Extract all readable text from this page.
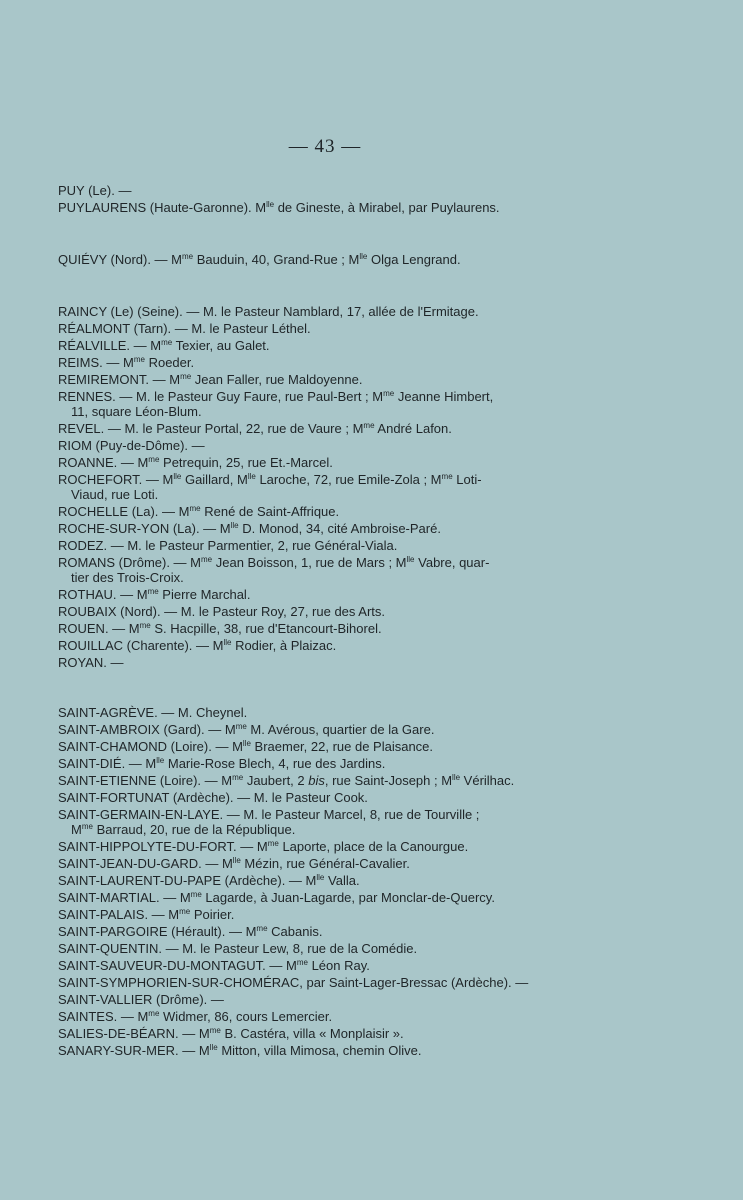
— 43 —
PUY (Le). —
PUYLAURENS (Haute-Garonne). $M^{lle}$ de Gineste, à Mirabel, par Puylaurens.
QUIÉVY (Nord). — $M^{me}$ Bauduin, 40, Grand-Rue ; $M^{lle}$ Olga Lengrand.
RAINCY (Le) (Seine). — M. le Pasteur Namblard, 17, allée de l'Ermitage.
RÉALMONT (Tarn). — M. le Pasteur Léthel.
RÉALVILLE. — $M^{me}$ Texier, au Galet.
REIMS. — $M^{me}$ Roeder.
REMIREMONT. — $M^{me}$ Jean Faller, rue Maldoyenne.
RENNES. — M. le Pasteur Guy Faure, rue Paul-Bert ; $M^{me}$ Jeanne Himbert,
11, square Léon-Blum.
REVEL. — M. le Pasteur Portal, 22, rue de Vaure ; $M^{me}$ André Lafon.
RIOM (Puy-de-Dôme). —
ROANNE. — $M^{me}$ Petrequin, 25, rue Et.-Marcel.
ROCHEFORT. — $M^{lle}$ Gaillard, $M^{lle}$ Laroche, 72, rue Emile-Zola ; $M^{me}$ Loti-
Viaud, rue Loti.
ROCHELLE (La). — $M^{me}$ René de Saint-Affrique.
ROCHE-SUR-YON (La). — $M^{lle}$ D. Monod, 34, cité Ambroise-Paré.
RODEZ. — M. le Pasteur Parmentier, 2, rue Général-Viala.
ROMANS (Drôme). — $M^{me}$ Jean Boisson, 1, rue de Mars ; $M^{lle}$ Vabre, quar-
tier des Trois-Croix.
ROTHAU. — $M^{me}$ Pierre Marchal.
ROUBAIX (Nord). — M. le Pasteur Roy, 27, rue des Arts.
ROUEN. — $M^{me}$ S. Hacpille, 38, rue d'Etancourt-Bihorel.
ROUILLAC (Charente). — $M^{lle}$ Rodier, à Plaizac.
ROYAN. —
SAINT-AGRÈVE. — M. Cheynel.
SAINT-AMBROIX (Gard). — $M^{me}$ M. Avérous, quartier de la Gare.
SAINT-CHAMOND (Loire). — $M^{lle}$ Braemer, 22, rue de Plaisance.
SAINT-DIÉ. — $M^{lle}$ Marie-Rose Blech, 4, rue des Jardins.
SAINT-ETIENNE (Loire). — $M^{me}$ Jaubert, 2 bis, rue Saint-Joseph ; $M^{lle}$ Vérilhac.
SAINT-FORTUNAT (Ardèche). — M. le Pasteur Cook.
SAINT-GERMAIN-EN-LAYE. — M. le Pasteur Marcel, 8, rue de Tourville ;
$M^{me}$ Barraud, 20, rue de la République.
SAINT-HIPPOLYTE-DU-FORT. — $M^{me}$ Laporte, place de la Canourgue.
SAINT-JEAN-DU-GARD. — $M^{lle}$ Mézin, rue Général-Cavalier.
SAINT-LAURENT-DU-PAPE (Ardèche). — $M^{lle}$ Valla.
SAINT-MARTIAL. — $M^{me}$ Lagarde, à Juan-Lagarde, par Monclar-de-Quercy.
SAINT-PALAIS. — $M^{me}$ Poirier.
SAINT-PARGOIRE (Hérault). — $M^{me}$ Cabanis.
SAINT-QUENTIN. — M. le Pasteur Lew, 8, rue de la Comédie.
SAINT-SAUVEUR-DU-MONTAGUT. — $M^{me}$ Léon Ray.
SAINT-SYMPHORIEN-SUR-CHOMÉRAC, par Saint-Lager-Bressac (Ardèche). —
SAINT-VALLIER (Drôme). —
SAINTES. — $M^{me}$ Widmer, 86, cours Lemercier.
SALIES-DE-BÉARN. — $M^{me}$ B. Castéra, villa « Monplaisir ».
SANARY-SUR-MER. — $M^{lle}$ Mitton, villa Mimosa, chemin Olive.
